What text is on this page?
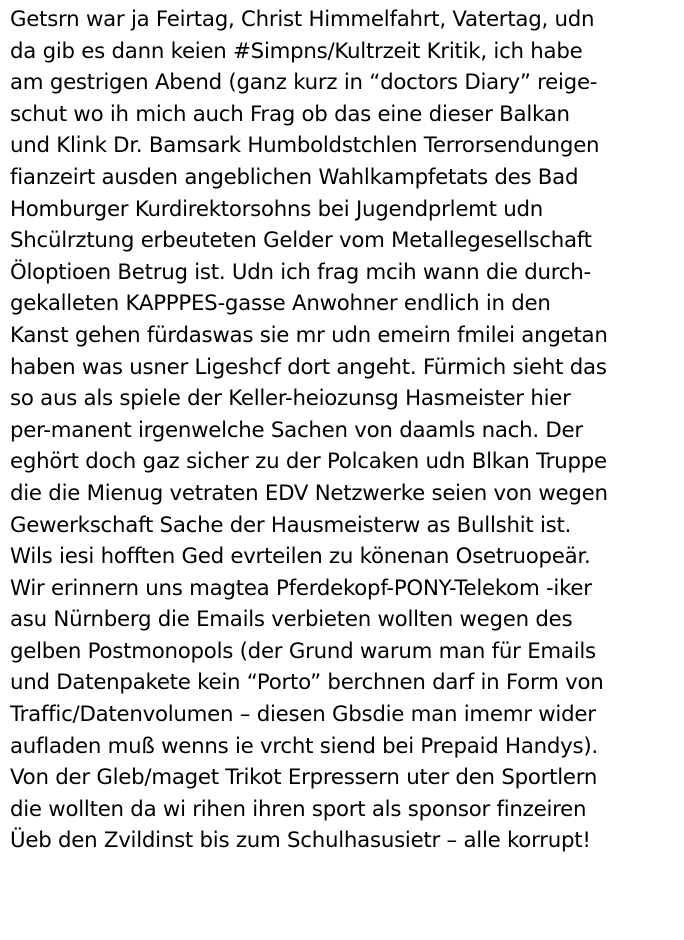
Getsrn war ja Feirtag, Christ Himmelfahrt, Vatertag, udn
da gib es dann keien #Simpns/Kultrzeit Kritik, ich habe
am gestrigen Abend (ganz kurz in “doctors Diary” reige-
schut wo ih mich auch Frag ob das eine dieser Balkan
und Klink Dr. Bamsark Humboldstchlen Terrorsendungen
fianzeirt ausden angeblichen Wahlkampfetats des Bad
Homburger Kurdirektorsohns bei Jugendprlemt udn
Shcülrztung erbeuteten Gelder vom Metallegesellschaft
Öloptioen Betrug ist. Udn ich frag mcih wann die durch-
gekalleten KAPPPES-gasse Anwohner endlich in den
Kanst gehen fürdaswas sie mr udn emeirn fmilei angetan
haben was usner Ligeshcf dort angeht. Fürmich sieht das
so aus als spiele der Keller-heiozunsg Hasmeister hier
per-manent irgenwelche Sachen von daamls nach. Der
eghört doch gaz sicher zu der Polcaken udn Blkan Truppe
die die Mienug vetraten EDV Netzwerke seien von wegen
Gewerkschaft Sache der Hausmeisterw as Bullshit ist.
Wils iesi hofften Ged evrteilen zu könenan Osetruopeär.
Wir erinnern uns magtea Pferdekopf-PONY-Telekom -iker
asu Nürnberg die Emails verbieten wollten wegen des
gelben Postmonopols (der Grund warum man für Emails
und Datenpakete kein “Porto” berchnen darf in Form von
Traffic/Datenvolumen – diesen Gbsdie man imemr wider
aufladen muß wenns ie vrcht siend bei Prepaid Handys).
Von der Gleb/maget Trikot Erpressern uter den Sportlern
die wollten da wi rihen ihren sport als sponsor finzeiren
Üeb den Zvildinst bis zum Schulhasusietr – alle korrupt!
